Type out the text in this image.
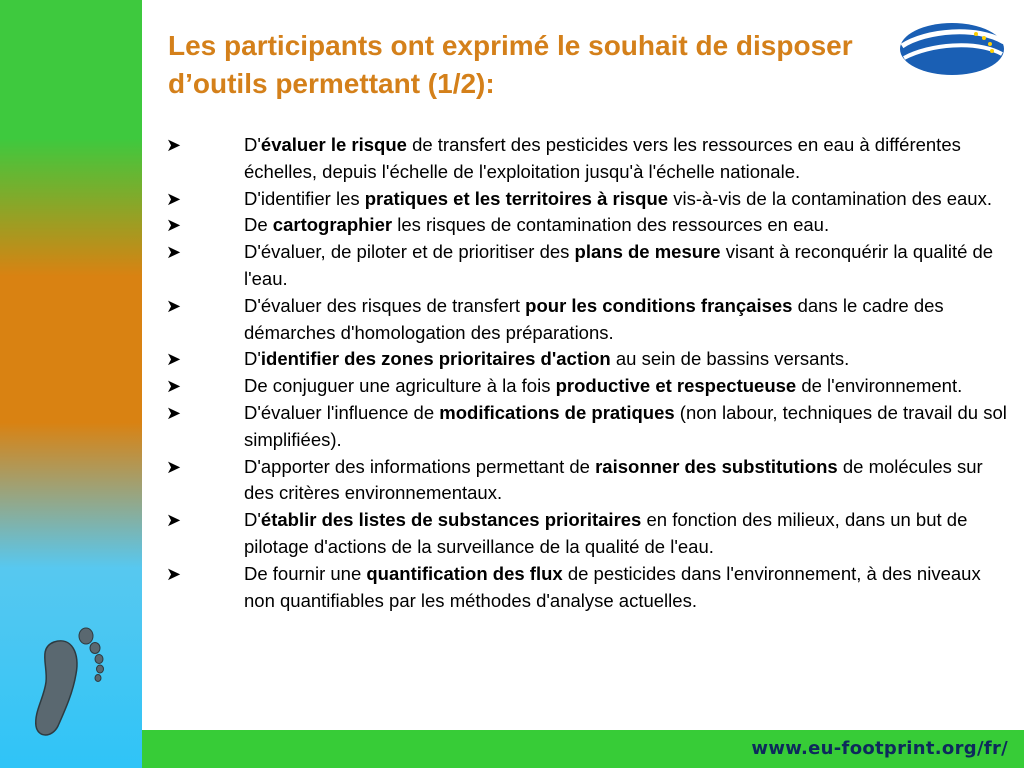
Les participants ont exprimé le souhait de disposer
d’outils permettant (1/2):
➤	D'évaluer le risque de transfert des pesticides vers les ressources en eau à différentes échelles, depuis l'échelle de l'exploitation jusqu'à l'échelle nationale.
➤	D'identifier les pratiques et les territoires à risque vis-à-vis de la contamination des eaux.
➤	De cartographier les risques de contamination des ressources en eau.
➤	D'évaluer, de piloter et de prioritiser des plans de mesure visant à reconquérir la qualité de l'eau.
➤	D'évaluer des risques de transfert pour les conditions françaises dans le cadre des démarches d'homologation des préparations.
➤	D'identifier des zones prioritaires d'action au sein de bassins versants.
➤	De conjuguer une agriculture à la fois productive et respectueuse de l'environnement.
➤	D'évaluer l'influence de modifications de pratiques (non labour, techniques de travail du sol simplifiées).
➤	D'apporter des informations permettant de raisonner des substitutions de molécules sur des critères environnementaux.
➤	D'établir des listes de substances prioritaires en fonction des milieux, dans un but de pilotage d'actions de la surveillance de la qualité de l'eau.
➤	De fournir une quantification des flux de pesticides dans l'environnement, à des niveaux non quantifiables par les méthodes d'analyse actuelles.
www.eu-footprint.org/fr/
